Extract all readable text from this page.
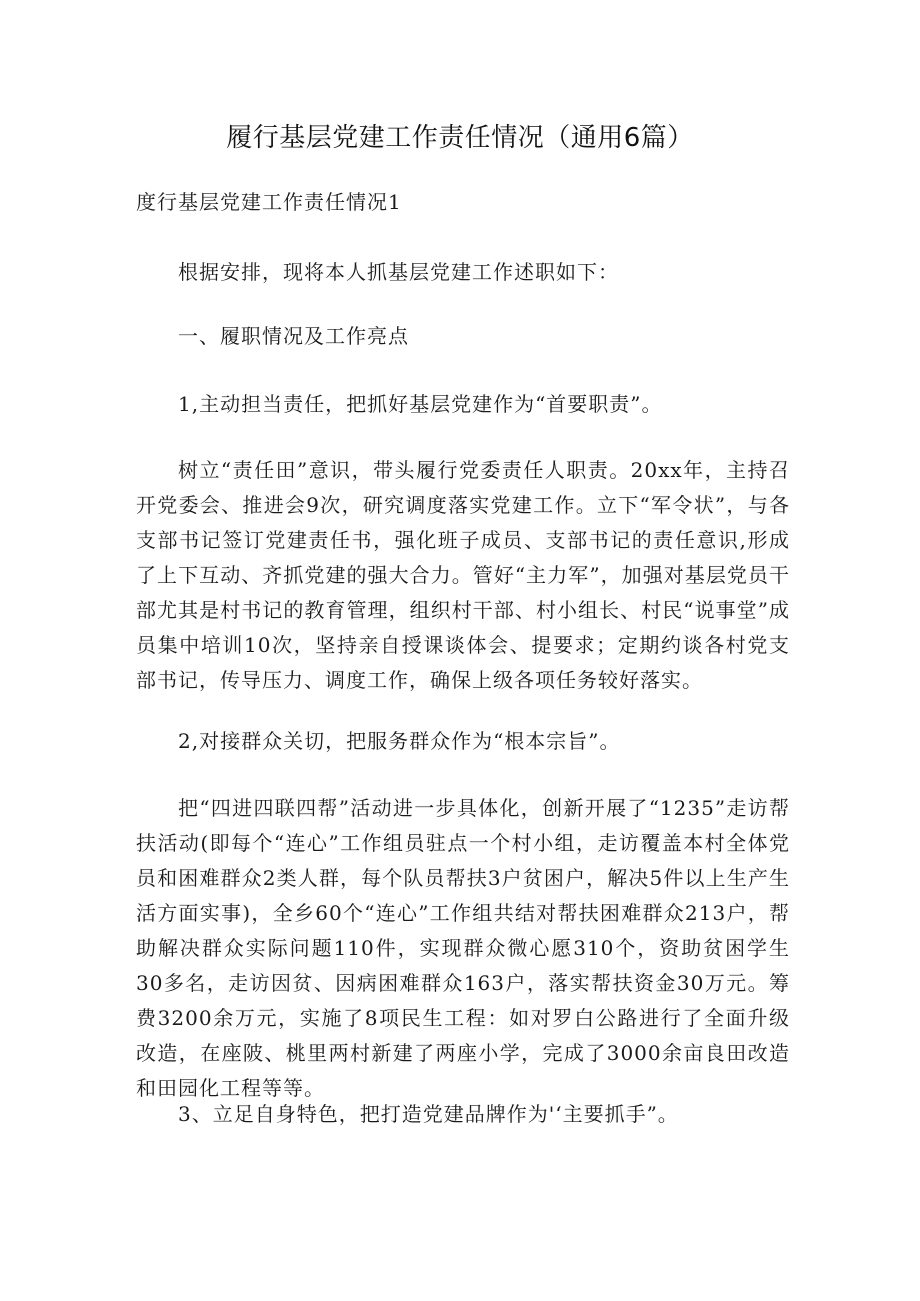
履行基层党建工作责任情况（通用6篇）
度行基层党建工作责任情况1

根据安排，现将本人抓基层党建工作述职如下：

一、履职情况及工作亮点

1,主动担当责任，把抓好基层党建作为“首要职责”。

树立“责任田”意识，带头履行党委责任人职责。20xx年，主持召开党委会、推进会9次，研究调度落实党建工作。立下“军令状”，与各支部书记签订党建责任书，强化班子成员、支部书记的责任意识,形成了上下互动、齐抓党建的强大合力。管好“主力军”，加强对基层党员干部尤其是村书记的教育管理，组织村干部、村小组长、村民“说事堂”成员集中培训10次，坚持亲自授课谈体会、提要求；定期约谈各村党支部书记，传导压力、调度工作，确保上级各项任务较好落实。

2,对接群众关切，把服务群众作为“根本宗旨”。

把“四进四联四帮”活动进一步具体化，创新开展了“1235”走访帮扶活动(即每个“连心”工作组员驻点一个村小组，走访覆盖本村全体党员和困难群众2类人群，每个队员帮扶3户贫困户，解决5件以上生产生活方面实事)，全乡60个“连心”工作组共结对帮扶困难群众213户，帮助解决群众实际问题110件，实现群众微心愿310个，资助贫困学生30多名，走访因贫、因病困难群众163户，落实帮扶资金30万元。筹费3200余万元，实施了8项民生工程：如对罗白公路进行了全面升级改造，在座陂、桃里两村新建了两座小学，完成了3000余亩良田改造和田园化工程等等。

3、立足自身特色，把打造党建品牌作为'‘主要抓手”。
